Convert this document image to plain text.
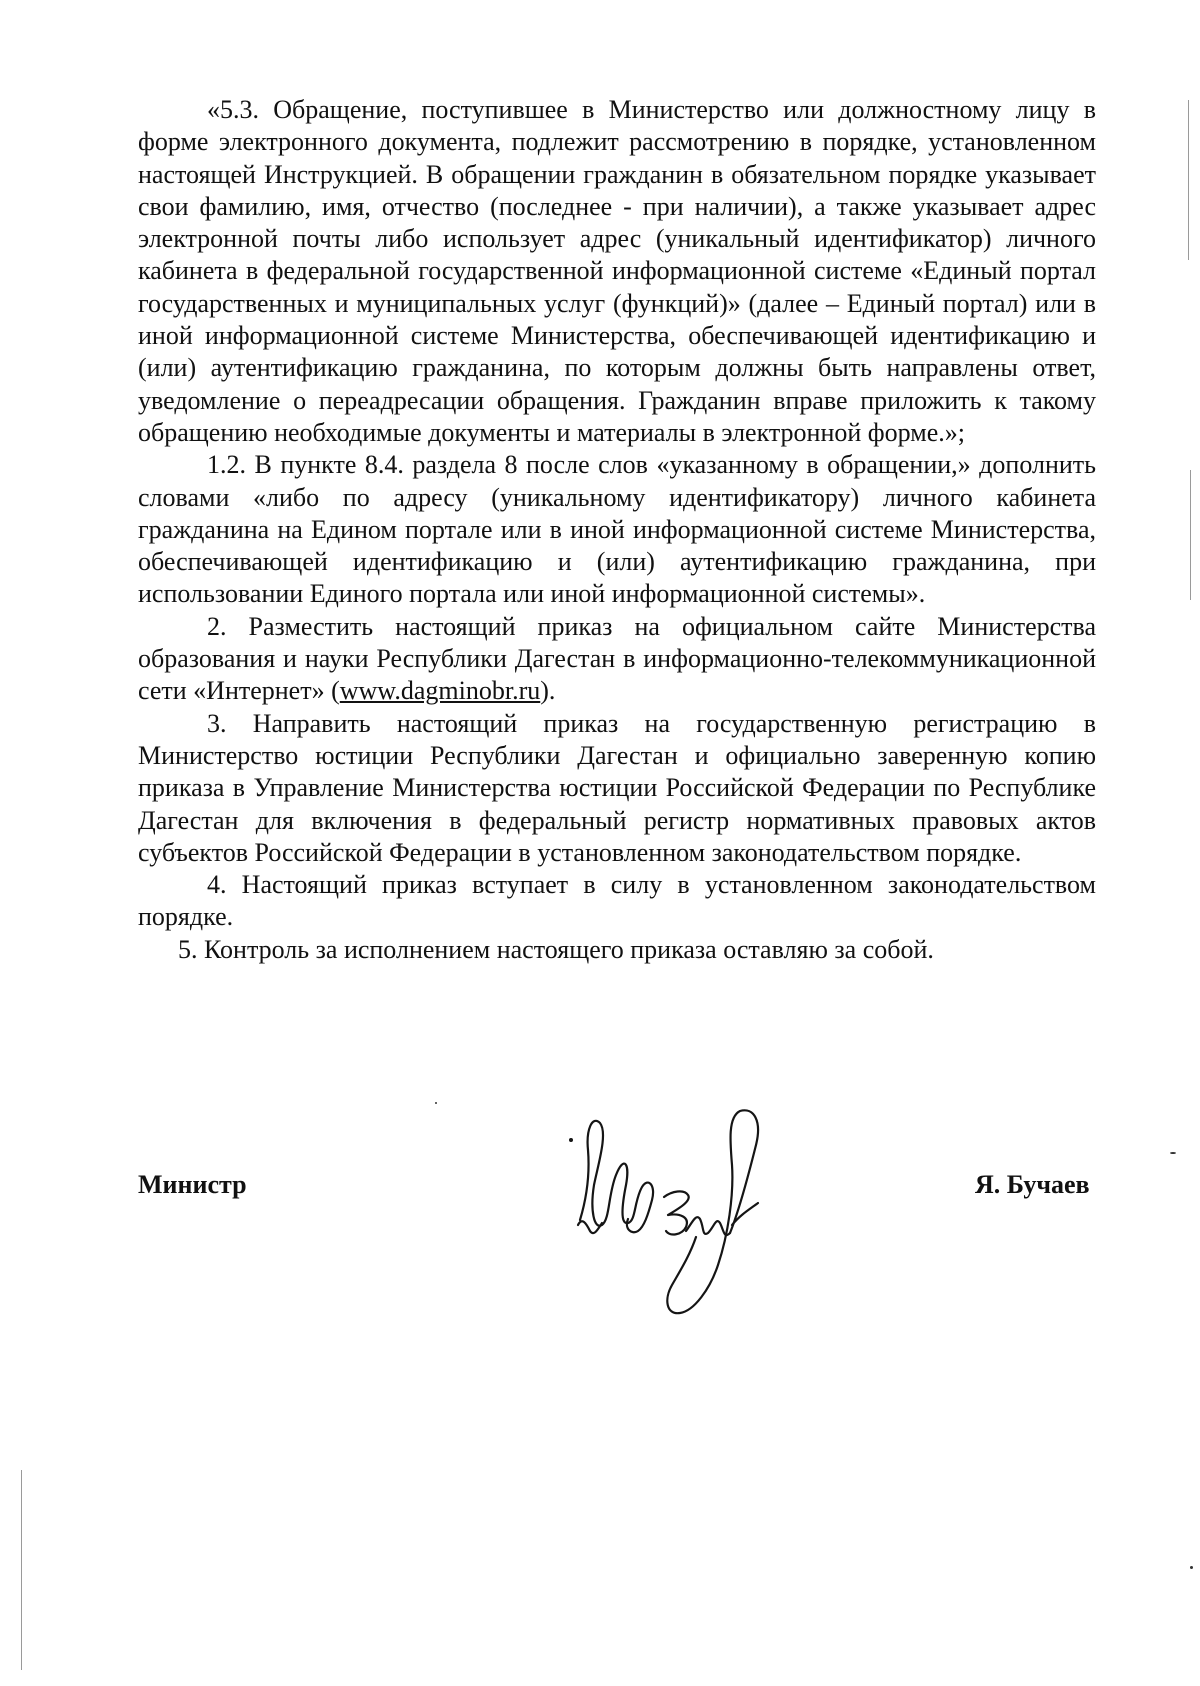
«5.3. Обращение, поступившее в Министерство или должностному лицу в форме электронного документа, подлежит рассмотрению в порядке, установленном настоящей Инструкцией. В обращении гражданин в обязательном порядке указывает свои фамилию, имя, отчество (последнее - при наличии), а также указывает адрес электронной почты либо использует адрес (уникальный идентификатор) личного кабинета в федеральной государственной информационной системе «Единый портал государственных и муниципальных услуг (функций)» (далее – Единый портал) или в иной информационной системе Министерства, обеспечивающей идентификацию и (или) аутентификацию гражданина, по которым должны быть направлены ответ, уведомление о переадресации обращения. Гражданин вправе приложить к такому обращению необходимые документы и материалы в электронной форме.»;

1.2. В пункте 8.4. раздела 8 после слов «указанному в обращении,» дополнить словами «либо по адресу (уникальному идентификатору) личного кабинета гражданина на Едином портале или в иной информационной системе Министерства, обеспечивающей идентификацию и (или) аутентификацию гражданина, при использовании Единого портала или иной информационной системы».

2. Разместить настоящий приказ на официальном сайте Министерства образования и науки Республики Дагестан в информационно-телекоммуникационной сети «Интернет» (www.dagminobr.ru).

3. Направить настоящий приказ на государственную регистрацию в Министерство юстиции Республики Дагестан и официально заверенную копию приказа в Управление Министерства юстиции Российской Федерации по Республике Дагестан для включения в федеральный регистр нормативных правовых актов субъектов Российской Федерации в установленном законодательством порядке.

4. Настоящий приказ вступает в силу в установленном законодательством порядке.

5. Контроль за исполнением настоящего приказа оставляю за собой.

Министр	Я. Бучаев
